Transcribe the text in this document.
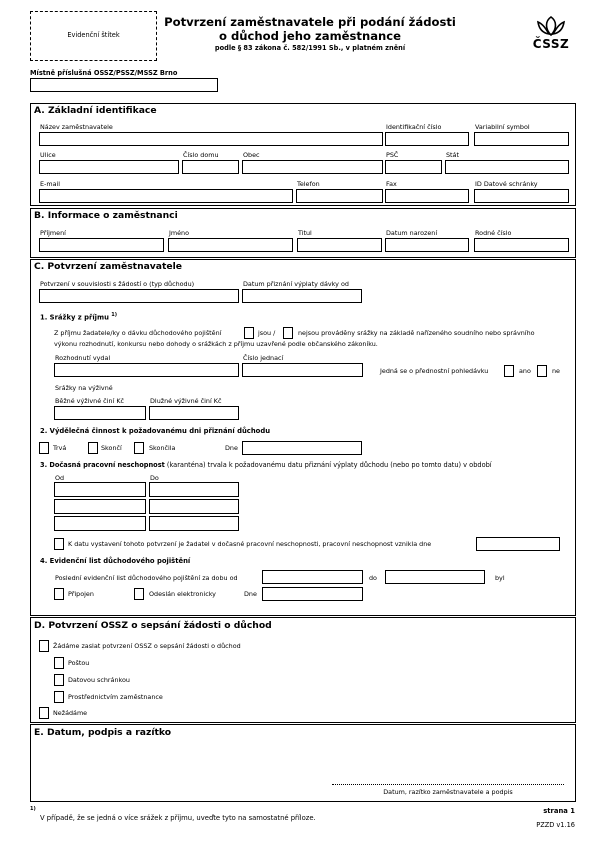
Evidenční štítek
Potvrzení zaměstnavatele při podání žádosti
o důchod jeho zaměstnance
podle § 83 zákona č. 582/1991 Sb., v platném znění	ČSSZ
Místně příslušná OSSZ/PSSZ/MSSZ Brno
A. Základní identifikace
Název zaměstnavatele	Identifikační číslo	Variabilní symbol
Ulice	Číslo domu	Obec	PSČ	Stát
E-mail	Telefon	Fax	ID Datové schránky
B. Informace o zaměstnanci
Příjmení	Jméno	Titul	Datum narození	Rodné číslo
C. Potvrzení zaměstnavatele
Potvrzení v souvislosti s žádostí o (typ důchodu)	Datum přiznání výplaty dávky od
1. Srážky z příjmu $^{1)}$
Z příjmu žadatele/ky o dávku důchodového pojištění	jsou /	nejsou prováděny srážky na základě nařízeného soudního nebo správního
výkonu rozhodnutí, konkursu nebo dohody o srážkách z příjmu uzavřené podle občanského zákoníku.
Rozhodnutí vydal	Číslo jednací
Jedná se o přednostní pohledávku	ano	ne
Srážky na výživné
Běžné výživné činí Kč	Dlužné výživné činí Kč
2. Výdělečná činnost k požadovanému dni přiznání důchodu
Trvá	Skončí	Skončila	Dne
3. Dočasná pracovní neschopnost (karanténa) trvala k požadovanému datu přiznání výplaty důchodu (nebo po tomto datu) v období
Od	Do
K datu vystavení tohoto potvrzení je žadatel v dočasné pracovní neschopnosti, pracovní neschopnost vznikla dne
4. Evidenční list důchodového pojištění
Poslední evidenční list důchodového pojištění za dobu od	do	byl
Připojen	Odeslán elektronicky	Dne
D. Potvrzení OSSZ o sepsání žádosti o důchod
Žádáme zaslat potvrzení OSSZ o sepsání žádosti o důchod
Poštou
Datovou schránkou
Prostřednictvím zaměstnance
Nežádáme
E. Datum, podpis a razítko
Datum, razítko zaměstnavatele a podpis
1)
V případě, že se jedná o více srážek z příjmu, uveďte tyto na samostatné příloze.
strana 1
PZZD v1.16
